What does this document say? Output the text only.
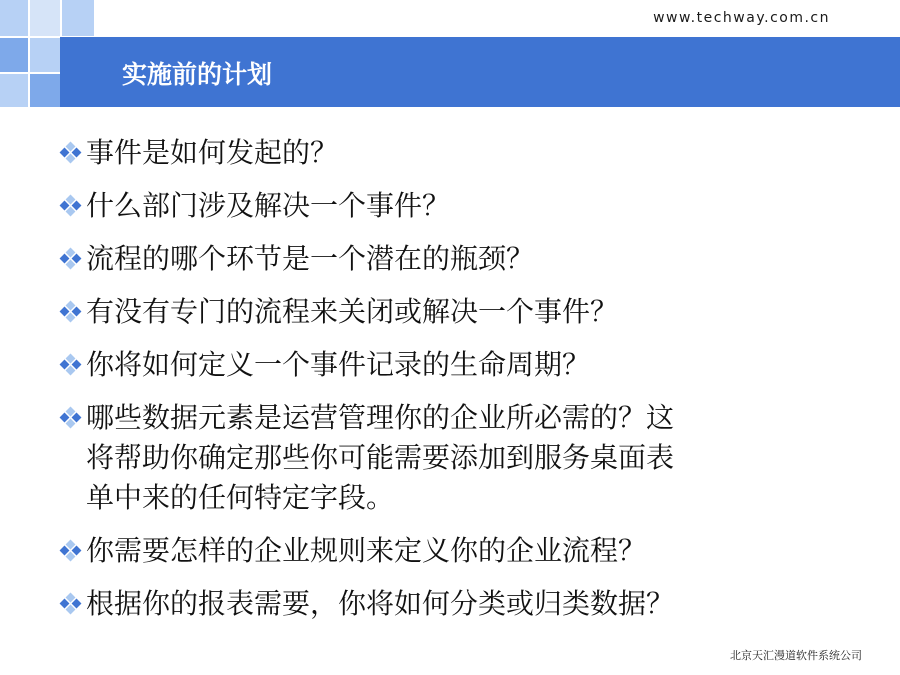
www.techway.com.cn
实施前的计划
事件是如何发起的？
什么部门涉及解决一个事件？
流程的哪个环节是一个潜在的瓶颈？
有没有专门的流程来关闭或解决一个事件？
你将如何定义一个事件记录的生命周期？
哪些数据元素是运营管理你的企业所必需的？这
将帮助你确定那些你可能需要添加到服务桌面表
单中来的任何特定字段。
你需要怎样的企业规则来定义你的企业流程？
根据你的报表需要，你将如何分类或归类数据？
北京天汇漫道软件系统公司
